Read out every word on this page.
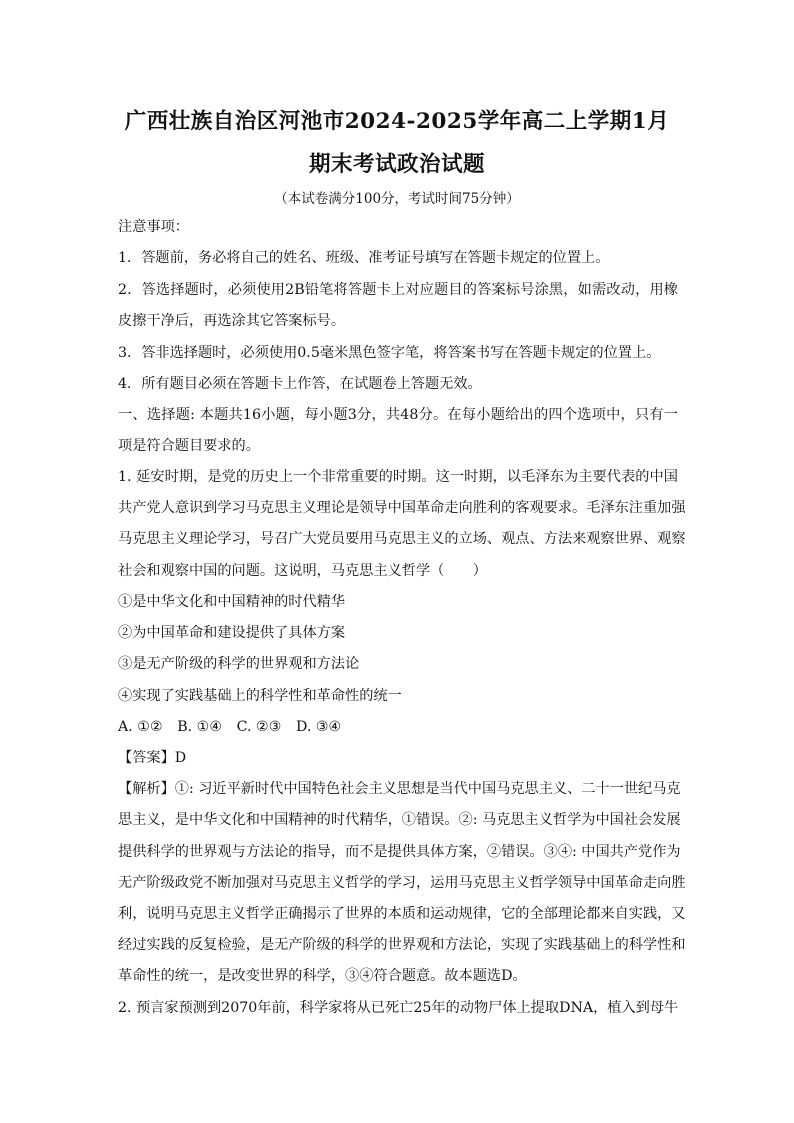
广西壮族自治区河池市2024-2025学年高二上学期1月
期末考试政治试题
（本试卷满分100分，考试时间75分钟）
注意事项：
1．答题前，务必将自己的姓名、班级、准考证号填写在答题卡规定的位置上。
2．答选择题时，必须使用2B铅笔将答题卡上对应题目的答案标号涂黑，如需改动，用橡
皮擦干净后，再选涂其它答案标号。
3．答非选择题时，必须使用0.5毫米黑色签字笔，将答案书写在答题卡规定的位置上。
4．所有题目必须在答题卡上作答，在试题卷上答题无效。
一、选择题: 本题共16小题，每小题3分，共48分。在每小题给出的四个选项中，只有一
项是符合题目要求的。
1. 延安时期，是党的历史上一个非常重要的时期。这一时期，以毛泽东为主要代表的中国
共产党人意识到学习马克思主义理论是领导中国革命走向胜利的客观要求。毛泽东注重加强
马克思主义理论学习，号召广大党员要用马克思主义的立场、观点、方法来观察世界、观察
社会和观察中国的问题。这说明，马克思主义哲学（　　）
①是中华文化和中国精神的时代精华
②为中国革命和建设提供了具体方案
③是无产阶级的科学的世界观和方法论
④实现了实践基础上的科学性和革命性的统一
A. ①② B. ①④ C. ②③ D. ③④
【答案】D
【解析】①: 习近平新时代中国特色社会主义思想是当代中国马克思主义、二十一世纪马克
思主义，是中华文化和中国精神的时代精华，①错误。②: 马克思主义哲学为中国社会发展
提供科学的世界观与方法论的指导，而不是提供具体方案，②错误。③④: 中国共产党作为
无产阶级政党不断加强对马克思主义哲学的学习，运用马克思主义哲学领导中国革命走向胜
利，说明马克思主义哲学正确揭示了世界的本质和运动规律，它的全部理论都来自实践，又
经过实践的反复检验，是无产阶级的科学的世界观和方法论，实现了实践基础上的科学性和
革命性的统一，是改变世界的科学，③④符合题意。故本题选D。
2. 预言家预测到2070年前，科学家将从已死亡25年的动物尸体上提取DNA，植入到母牛
